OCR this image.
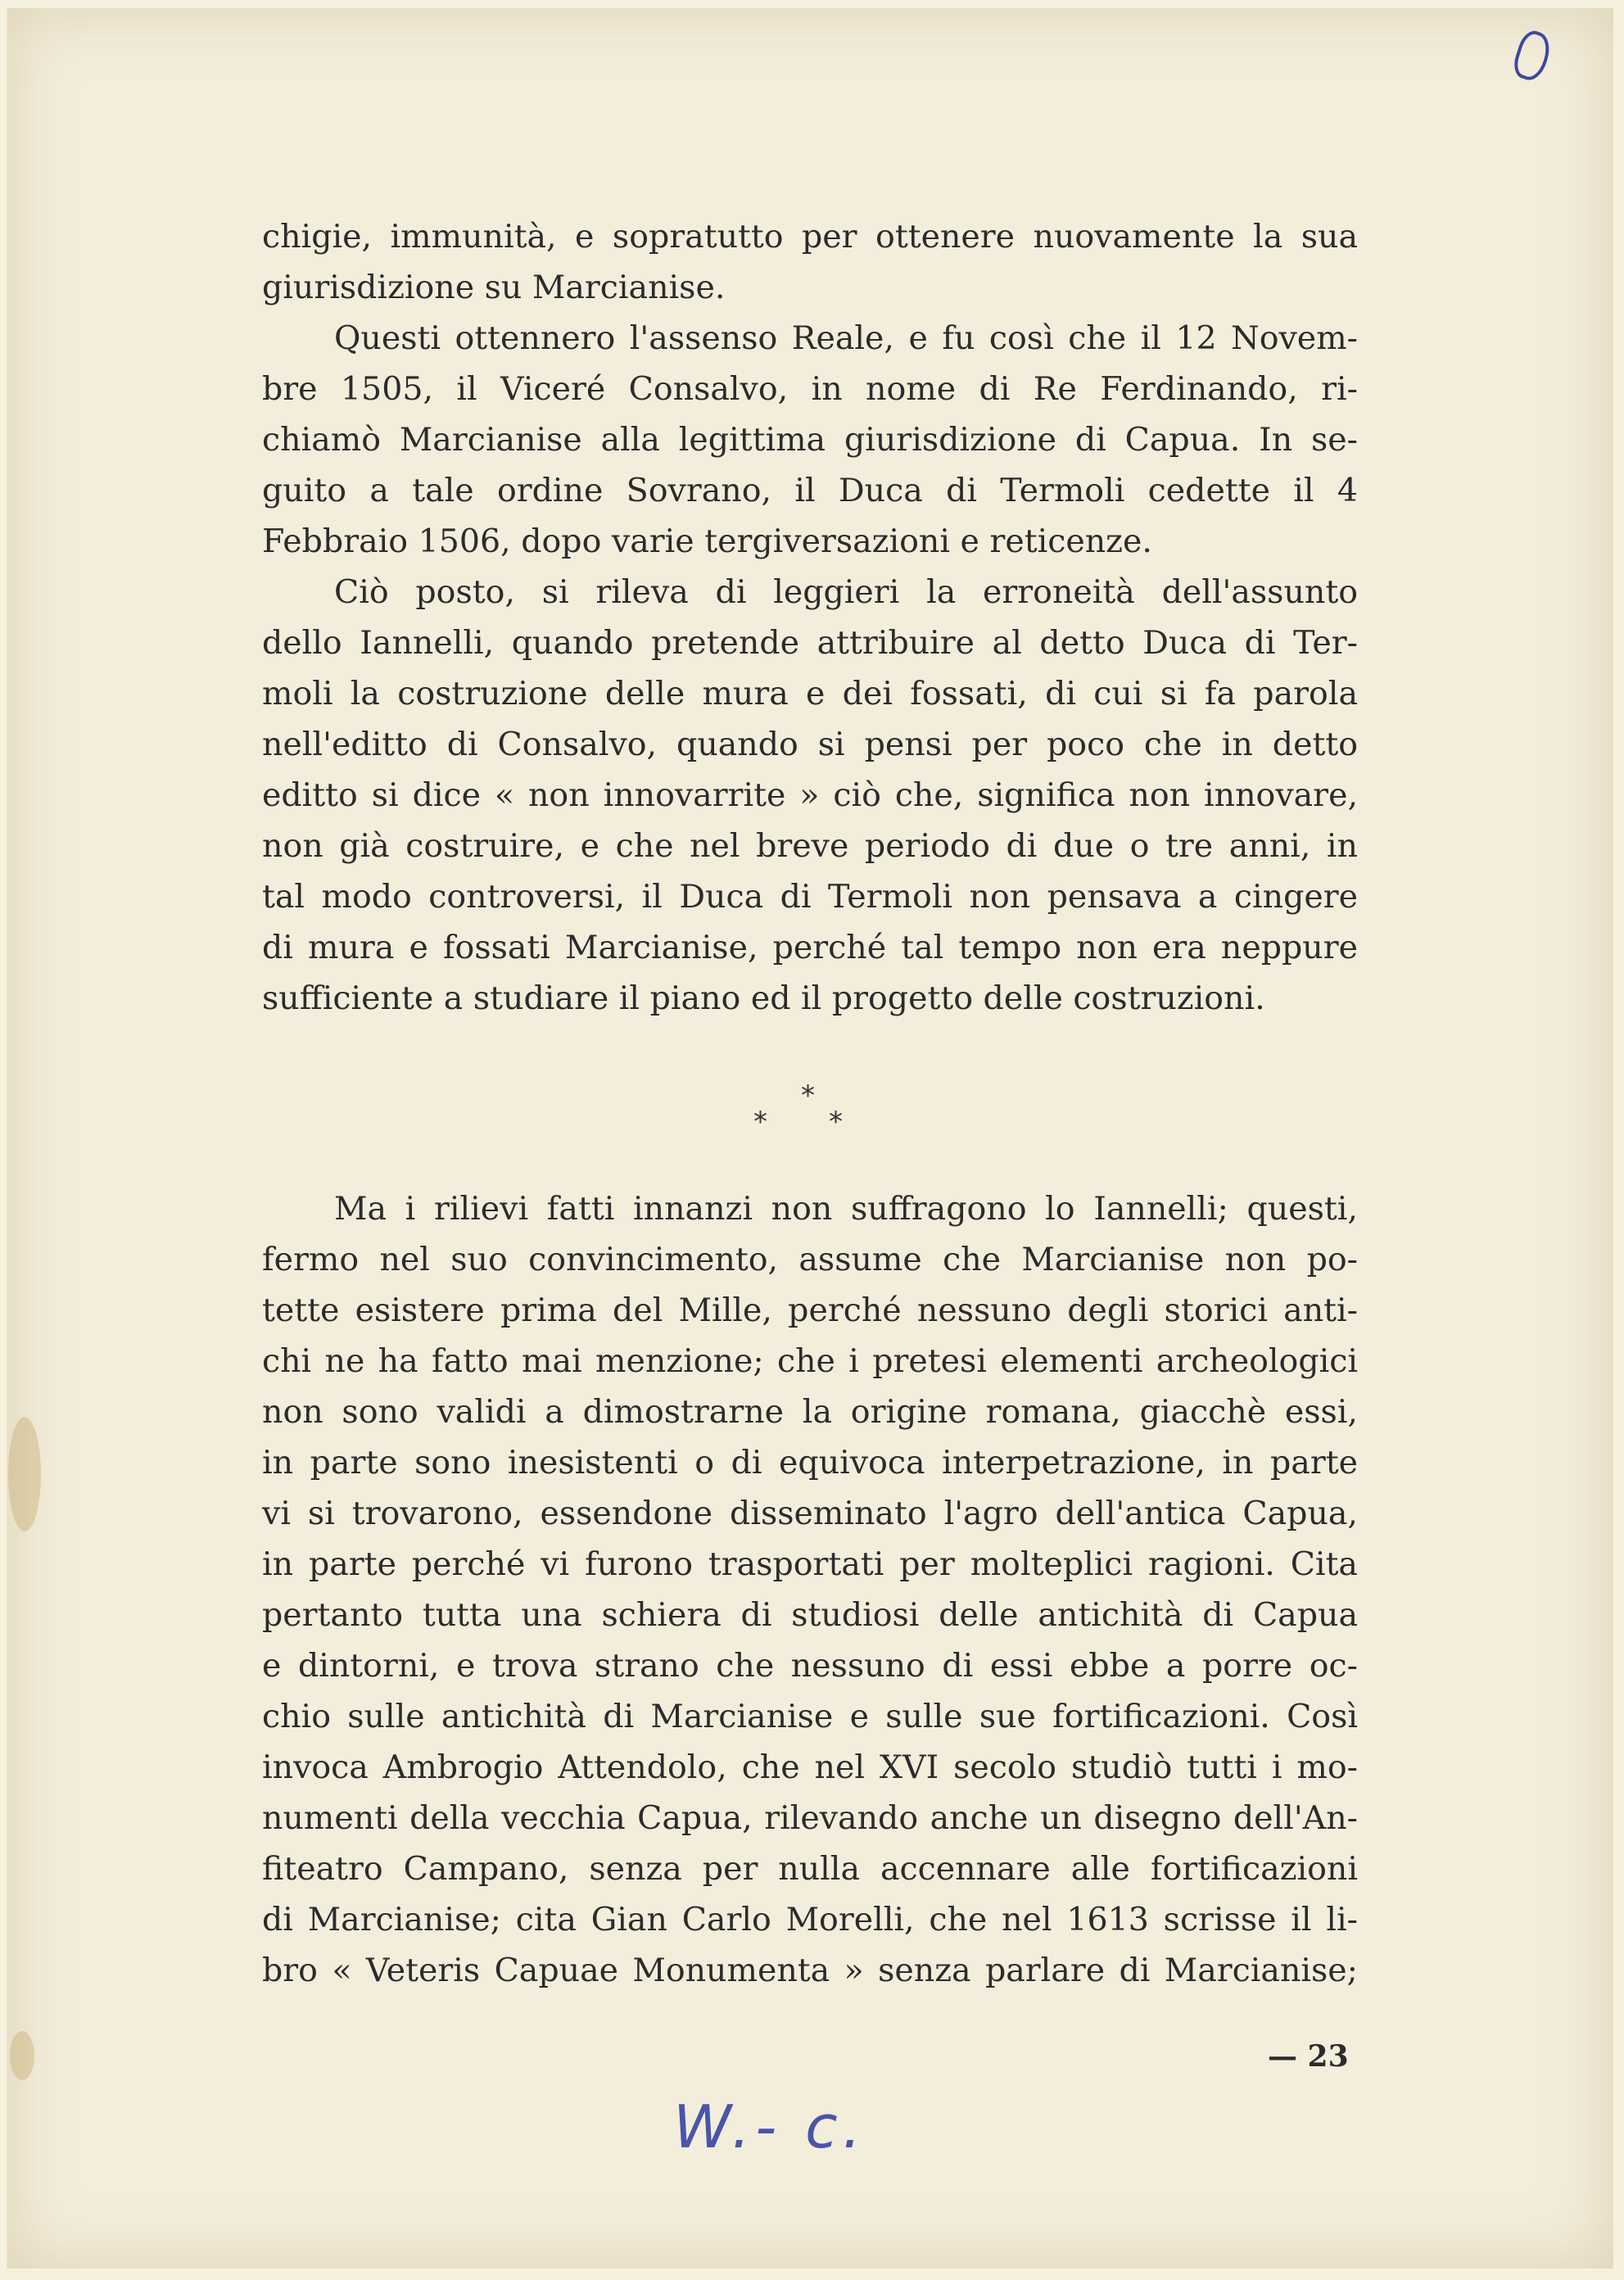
chigie, immunità, e sopratutto per ottenere nuovamente la sua
giurisdizione su Marcianise.

Questi ottennero l'assenso Reale, e fu così che il 12 Novem-
bre 1505, il Viceré Consalvo, in nome di Re Ferdinando, ri-
chiamò Marcianise alla legittima giurisdizione di Capua. In se-
guito a tale ordine Sovrano, il Duca di Termoli cedette il 4
Febbraio 1506, dopo varie tergiversazioni e reticenze.

Ciò posto, si rileva di leggieri la erroneità dell'assunto
dello Iannelli, quando pretende attribuire al detto Duca di Ter-
moli la costruzione delle mura e dei fossati, di cui si fa parola
nell'editto di Consalvo, quando si pensi per poco che in detto
editto si dice « non innovarrite » ciò che, significa non innovare,
non già costruire, e che nel breve periodo di due o tre anni, in
tal modo controversi, il Duca di Termoli non pensava a cingere
di mura e fossati Marcianise, perché tal tempo non era neppure
sufficiente a studiare il piano ed il progetto delle costruzioni.

*
* *

Ma i rilievi fatti innanzi non suffragono lo Iannelli; questi,
fermo nel suo convincimento, assume che Marcianise non po-
tette esistere prima del Mille, perché nessuno degli storici anti-
chi ne ha fatto mai menzione; che i pretesi elementi archeologici
non sono validi a dimostrarne la origine romana, giacchè essi,
in parte sono inesistenti o di equivoca interpetrazione, in parte
vi si trovarono, essendone disseminato l'agro dell'antica Capua,
in parte perché vi furono trasportati per molteplici ragioni. Cita
pertanto tutta una schiera di studiosi delle antichità di Capua
e dintorni, e trova strano che nessuno di essi ebbe a porre oc-
chio sulle antichità di Marcianise e sulle sue fortificazioni. Così
invoca Ambrogio Attendolo, che nel XVI secolo studiò tutti i mo-
numenti della vecchia Capua, rilevando anche un disegno dell'An-
fiteatro Campano, senza per nulla accennare alle fortificazioni
di Marcianise; cita Gian Carlo Morelli, che nel 1613 scrisse il li-
bro « Veteris Capuae Monumenta » senza parlare di Marcianise;

— 23
W.- c.
